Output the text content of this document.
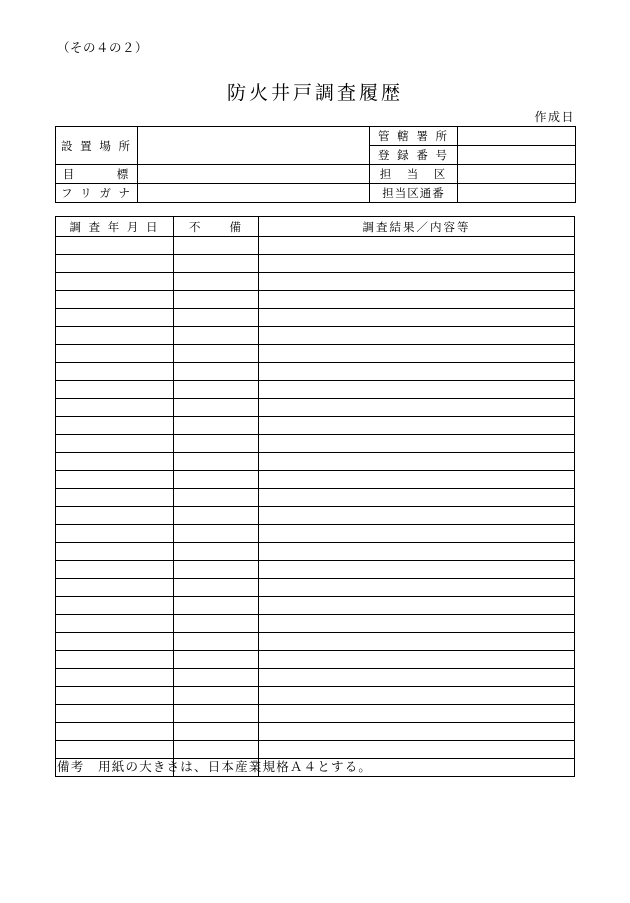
（その４の２）
防火井戸調査履歴
作成日
設 置 場 所		管 轄 署 所	
		登 録 番 号	
目　　　標		担　当　区	
フ リ ガ ナ		担当区通番	
調 査 年 月 日	不　　備	調査結果／内容等

備考　用紙の大きさは、日本産業規格Ａ４とする。
